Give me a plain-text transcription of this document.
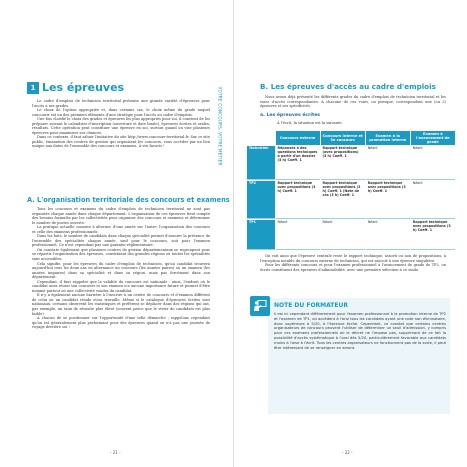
1 Les épreuves

Le cadre d'emplois de technicien territorial présente une grande variété d'épreuves pour l'accès à ses grades.

Le choix de l'option appropriée et, dans certains cas, le choix même du grade auquel concourir est un des premiers éléments d'une stratégie pour l'accès au cadre d'emplois.

Une fois clarifié le choix des grades et épreuves les plus appropriés pour soi, il convient de les préparer suivant le calendrier d'inscription (ouverture et date limite), épreuves écrites et orales, résultats. Cette opération peut constituer une épreuve en soi, surtout quand on vise plusieurs épreuves pour maximiser ses chances.

Dans ce contexte, il faut saluer l'initiative du site http://www.concours-territorial.fr. Sur ce site public, émanation des centres de gestion qui organisent les concours, vous accédez par un lien unique aux dates de l'ensemble des concours et examens. À vos favoris !

A. L'organisation territoriale des concours et examens

Tous les concours et examens du cadre d'emplois de technicien territorial ne sont pas organisés chaque année dans chaque département. L'organisation de ces épreuves tient compte des besoins formulés par les collectivités pour organiser des concours et examens et déterminer le nombre de postes ouverts.

La pratique actuelle consiste à alterner, d'une année sur l'autre, l'organisation des concours et celle des examens professionnels.

Dans les faits, le nombre de candidats dans chaque spécialité permet d'assurer la présence de l'ensemble des spécialités chaque année, sauf pour le concours, soit pour l'examen professionnel. Ce n'est cependant pas une garantie réglementaire.

On constate également que plusieurs centres de gestion départementaux se regroupent pour se répartir l'organisation des épreuves, constituant des grandes régions où toutes les spécialités sont accessibles.

Cela signifie, pour les épreuves du cadre d'emplois de technicien, qu'un candidat trouvera aujourd'hui tous les deux ans en alternance un concours (les années paires) ou un examen (les années impaires) dans sa spécialité et dans sa région, mais pas forcément dans son département.

Cependant, il faut rappeler que la validité du concours est nationale : ainsi, l'endroit où le candidat aura réussi son concours et son examen n'a aucune importance future et permet d'être nommé partout où une collectivité voudra du candidat.

Il n'y a également aucune barrière à l'inscrire à un centre de concours et d'examen différent de celui où un candidat réside et/ou travaille. Même si le catalogue d'épreuves écrites sont nationaux, certains observent les statistiques et préfèrent se déplacer dans des régions qui ont, par exemple, un taux de réussite plus élevé (souvent parce que le vivier de candidats est plus faible).

À chacun de se positionner sur l'opportunité d'une telle démarche ; rappelons cependant qu'on est généralement plus performant pour des épreuves quand on n'a pas une journée de voyage derrière soi !

VOTRE CONCOURS, VOTRE MÉTIER
- 21 -
B. Les épreuves d'accès au cadre d'emplois

Nous avons déjà présenté les différents grades du cadre d'emplois de technicien territorial et les voies d'accès correspondantes. À chacune de ces voies, ou presque, correspondent une (ou 2) épreuves et ses spécificités.

a. Les épreuves écrites

À l'écrit, la situation est la suivante.

	Concours externe	Concours interne et 3e concours	Examen à la promotion interne	Examen à l'avancement de grade
Technicien	Réponses à des questions techniques à partir d'un dossier (3 h) Coeff. 1	Rapport technique (avec propositions) (3 h) Coeff. 1	Néant	Néant
TP2	Rapport technique avec propositions (3 h) Coeff. 1	Rapport technique avec propositions (3 h) Coeff. 1 (Note de cas (3 h) Coeff. 1	Rapport technique avec propositions (3 h) Coeff. 1	Néant
TP1	Néant	Néant	Néant	Rapport technique avec propositions (3 h) Coeff. 1

On voit ainsi que l'épreuve centrale reste le rapport technique, assorti ou non de propositions, à l'exception notable du concours externe de technicien, qui est associé à une épreuve singulière.

Pour les différents concours et pour l'examen professionnel à l'avancement de grade de TP2, on écrits constituent des épreuves d'admissibilité, avec une première sélection à ce stade.

- 22 -
NOTE DU FORMATEUR
Il est ici cependant différemment pour l'examen professionnel à la promotion interne de TP2 et l'examen de TP1, où accèdent à l'oral tous les candidats ayant une note non éliminatoire, donc supérieure à 5/20, à l'épreuve écrite. Cependant, ce constat que certains centres organisateurs de concours peuvent l'utiliser de déterminer un seuil d'admission, y compris pour ces examens professionnels où le décret ne l'impose pas, supprimant de ce fait la possibilité d'accès systématique à l'oral dès 5/20, particulièrement favorable aux candidats moins à l'aise à l'écrit. Tous les centres organisateurs ne fonctionnent pas de la sorte, il peut être intéressant de se renseigner en amont.
